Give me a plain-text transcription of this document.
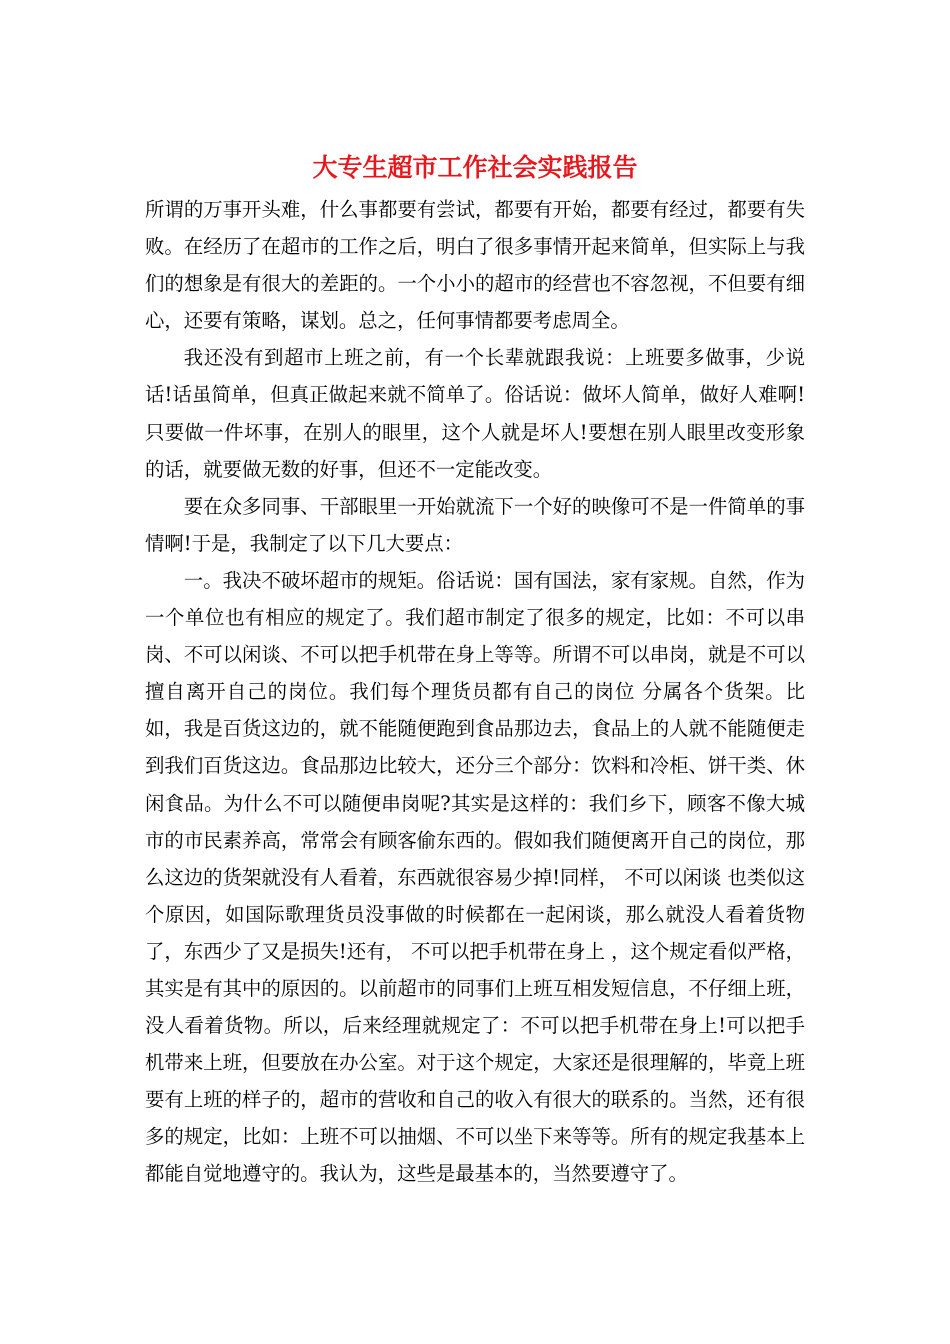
大专生超市工作社会实践报告

所谓的万事开头难，什么事都要有尝试，都要有开始，都要有经过，都要有失败。在经历了在超市的工作之后，明白了很多事情开起来简单，但实际上与我们的想象是有很大的差距的。一个小小的超市的经营也不容忽视，不但要有细心，还要有策略，谋划。总之，任何事情都要考虑周全。

我还没有到超市上班之前，有一个长辈就跟我说：上班要多做事，少说话!话虽简单，但真正做起来就不简单了。俗话说：做坏人简单，做好人难啊!只要做一件坏事，在别人的眼里，这个人就是坏人!要想在别人眼里改变形象的话，就要做无数的好事，但还不一定能改变。

要在众多同事、干部眼里一开始就流下一个好的映像可不是一件简单的事情啊!于是，我制定了以下几大要点：

一。我决不破坏超市的规矩。俗话说：国有国法，家有家规。自然，作为一个单位也有相应的规定了。我们超市制定了很多的规定，比如：不可以串岗、不可以闲谈、不可以把手机带在身上等等。所谓不可以串岗，就是不可以擅自离开自己的岗位。我们每个理货员都有自己的岗位 分属各个货架。比如，我是百货这边的，就不能随便跑到食品那边去，食品上的人就不能随便走到我们百货这边。食品那边比较大，还分三个部分：饮料和冷柜、饼干类、休闲食品。为什么不可以随便串岗呢?其实是这样的：我们乡下，顾客不像大城市的市民素养高，常常会有顾客偷东西的。假如我们随便离开自己的岗位，那么这边的货架就没有人看着，东西就很容易少掉!同样， 不可以闲谈 也类似这个原因，如国际歌理货员没事做的时候都在一起闲谈，那么就没人看着货物了，东西少了又是损失!还有， 不可以把手机带在身上 ，这个规定看似严格，其实是有其中的原因的。以前超市的同事们上班互相发短信息，不仔细上班，没人看着货物。所以，后来经理就规定了：不可以把手机带在身上!可以把手机带来上班，但要放在办公室。对于这个规定，大家还是很理解的，毕竟上班要有上班的样子的，超市的营收和自己的收入有很大的联系的。当然，还有很多的规定，比如：上班不可以抽烟、不可以坐下来等等。所有的规定我基本上都能自觉地遵守的。我认为，这些是最基本的，当然要遵守了。
